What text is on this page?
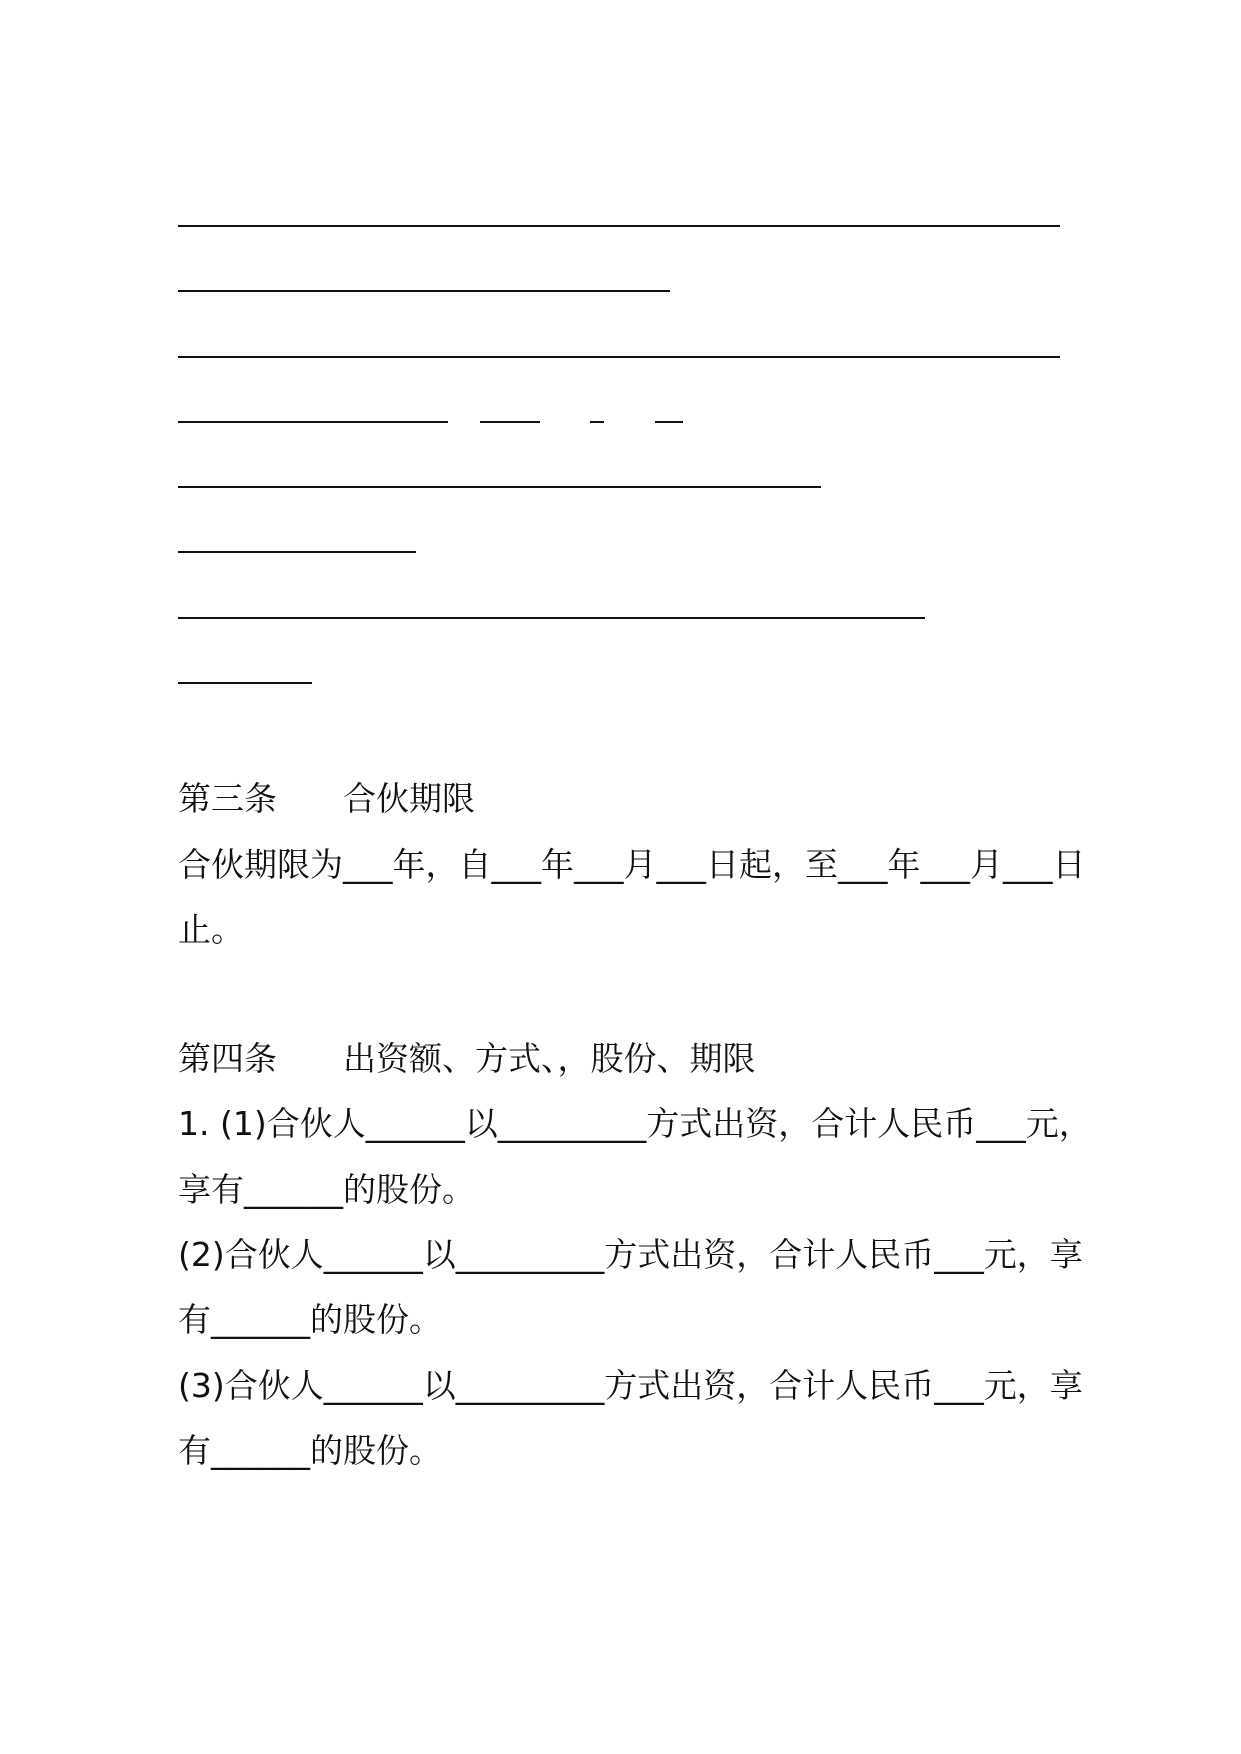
第三条　　合伙期限
合伙期限为___年，自___年___月___日起，至___年___月___日
止。
第四条　　出资额、方式、，股份、期限
1. (1)合伙人______以_________方式出资，合计人民币___元，
享有______的股份。
(2)合伙人______以_________方式出资，合计人民币___元，享
有______的股份。
(3)合伙人______以_________方式出资，合计人民币___元，享
有______的股份。
